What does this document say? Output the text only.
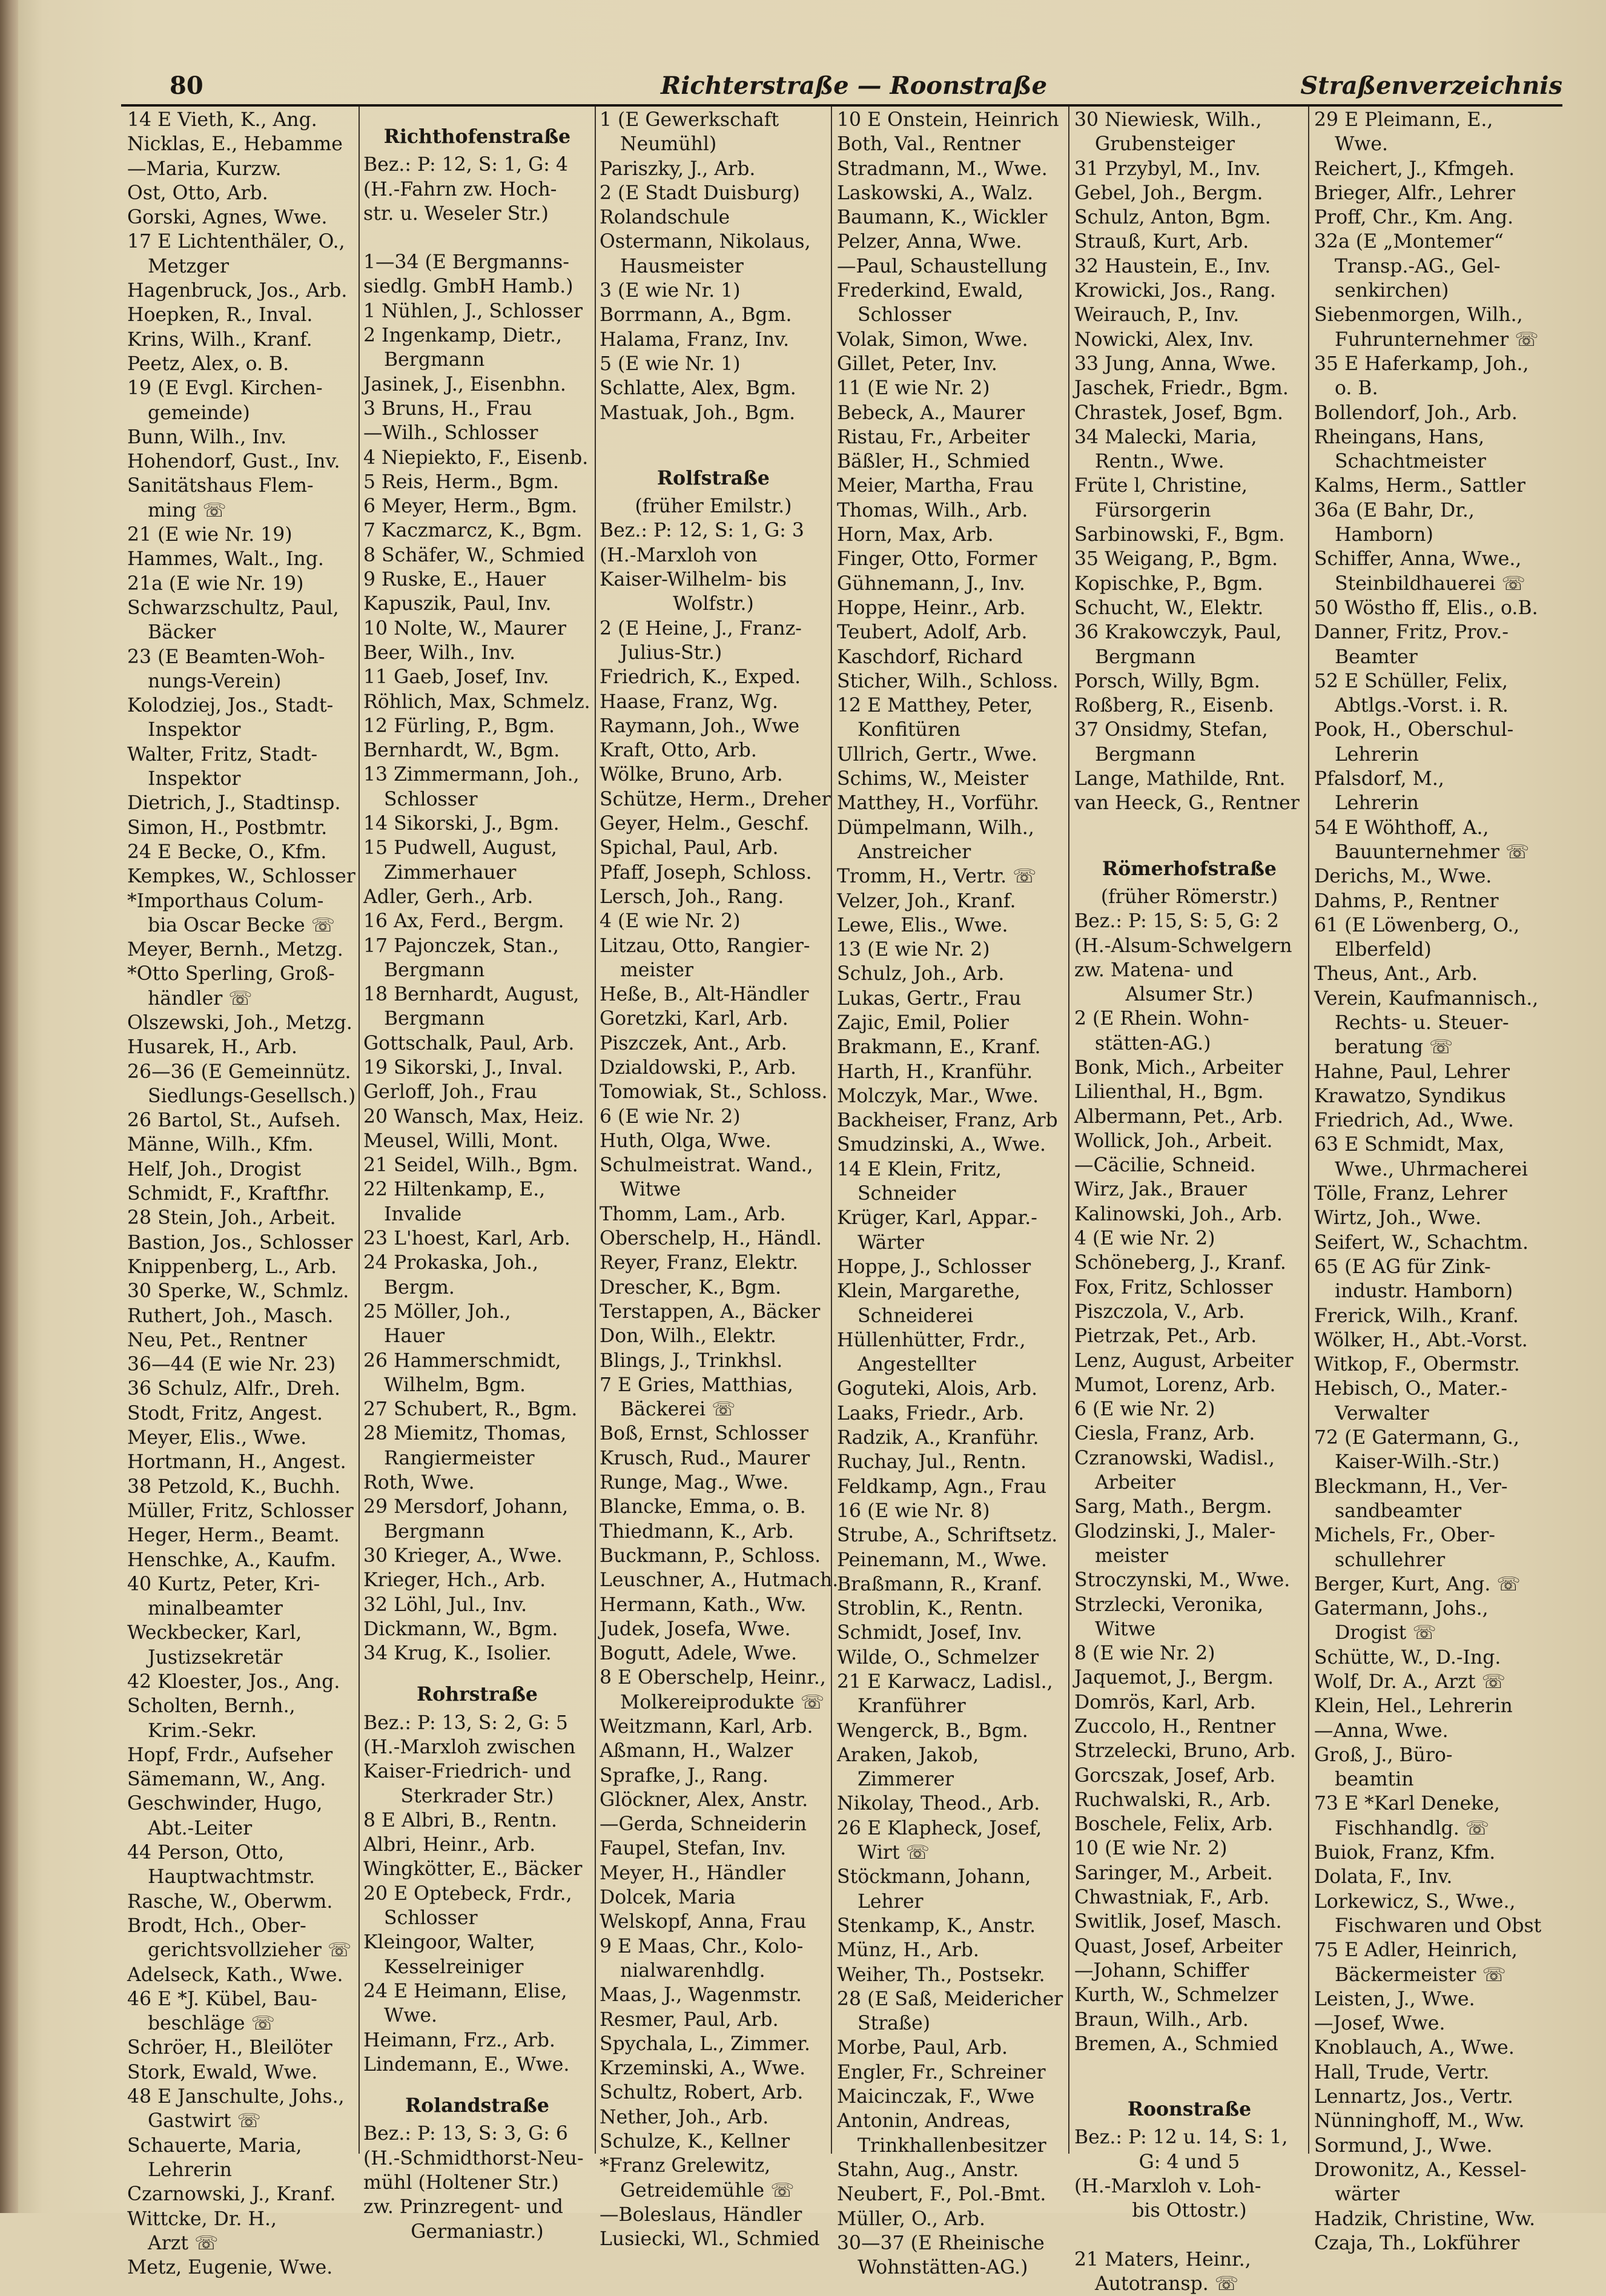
80	Richterstraße — Roonstraße	Straßenverzeichnis
14 E Vieth, K., Ang.
Nicklas, E., Hebamme
—Maria, Kurzw.
Ost, Otto, Arb.
Gorski, Agnes, Wwe.
17 E Lichtenthäler, O.,
Metzger
Hagenbruck, Jos., Arb.
Hoepken, R., Inval.
Krins, Wilh., Kranf.
Peetz, Alex, o. B.
19 (E Evgl. Kirchen-
gemeinde)
Bunn, Wilh., Inv.
Hohendorf, Gust., Inv.
Sanitätshaus Flem-
ming ☏
21 (E wie Nr. 19)
Hammes, Walt., Ing.
21a (E wie Nr. 19)
Schwarzschultz, Paul,
Bäcker
23 (E Beamten-Woh-
nungs-Verein)
Kolodziej, Jos., Stadt-
Inspektor
Walter, Fritz, Stadt-
Inspektor
Dietrich, J., Stadtinsp.
Simon, H., Postbmtr.
24 E Becke, O., Kfm.
Kempkes, W., Schlosser
*Importhaus Colum-
bia Oscar Becke ☏
Meyer, Bernh., Metzg.
*Otto Sperling, Groß-
händler ☏
Olszewski, Joh., Metzg.
Husarek, H., Arb.
26—36 (E Gemeinnütz.
Siedlungs-Gesellsch.)
26 Bartol, St., Aufseh.
Männe, Wilh., Kfm.
Helf, Joh., Drogist
Schmidt, F., Kraftfhr.
28 Stein, Joh., Arbeit.
Bastion, Jos., Schlosser
Knippenberg, L., Arb.
30 Sperke, W., Schmlz.
Ruthert, Joh., Masch.
Neu, Pet., Rentner
36—44 (E wie Nr. 23)
36 Schulz, Alfr., Dreh.
Stodt, Fritz, Angest.
Meyer, Elis., Wwe.
Hortmann, H., Angest.
38 Petzold, K., Buchh.
Müller, Fritz, Schlosser
Heger, Herm., Beamt.
Henschke, A., Kaufm.
40 Kurtz, Peter, Kri-
minalbeamter
Weckbecker, Karl,
Justizsekretär
42 Kloester, Jos., Ang.
Scholten, Bernh.,
Krim.-Sekr.
Hopf, Frdr., Aufseher
Sämemann, W., Ang.
Geschwinder, Hugo,
Abt.-Leiter
44 Person, Otto,
Hauptwachtmstr.
Rasche, W., Oberwm.
Brodt, Hch., Ober-
gerichtsvollzieher ☏
Adelseck, Kath., Wwe.
46 E *J. Kübel, Bau-
beschläge ☏
Schröer, H., Bleilöter
Stork, Ewald, Wwe.
48 E Janschulte, Johs.,
Gastwirt ☏
Schauerte, Maria,
Lehrerin
Czarnowski, J., Kranf.
Wittcke, Dr. H.,
Arzt ☏
Metz, Eugenie, Wwe.
Richthofenstraße
Bez.: P: 12, S: 1, G: 4
(H.-Fahrn zw. Hoch-
str. u. Weseler Str.)
1—34 (E Bergmanns-
siedlg. GmbH Hamb.)
1 Nühlen, J., Schlosser
2 Ingenkamp, Dietr.,
Bergmann
Jasinek, J., Eisenbhn.
3 Bruns, H., Frau
—Wilh., Schlosser
4 Niepiekto, F., Eisenb.
5 Reis, Herm., Bgm.
6 Meyer, Herm., Bgm.
7 Kaczmarcz, K., Bgm.
8 Schäfer, W., Schmied
9 Ruske, E., Hauer
Kapuszik, Paul, Inv.
10 Nolte, W., Maurer
Beer, Wilh., Inv.
11 Gaeb, Josef, Inv.
Röhlich, Max, Schmelz.
12 Fürling, P., Bgm.
Bernhardt, W., Bgm.
13 Zimmermann, Joh.,
Schlosser
14 Sikorski, J., Bgm.
15 Pudwell, August,
Zimmerhauer
Adler, Gerh., Arb.
16 Ax, Ferd., Bergm.
17 Pajonczek, Stan.,
Bergmann
18 Bernhardt, August,
Bergmann
Gottschalk, Paul, Arb.
19 Sikorski, J., Inval.
Gerloff, Joh., Frau
20 Wansch, Max, Heiz.
Meusel, Willi, Mont.
21 Seidel, Wilh., Bgm.
22 Hiltenkamp, E.,
Invalide
23 L'hoest, Karl, Arb.
24 Prokaska, Joh.,
Bergm.
25 Möller, Joh.,
Hauer
26 Hammerschmidt,
Wilhelm, Bgm.
27 Schubert, R., Bgm.
28 Miemitz, Thomas,
Rangiermeister
Roth, Wwe.
29 Mersdorf, Johann,
Bergmann
30 Krieger, A., Wwe.
Krieger, Hch., Arb.
32 Löhl, Jul., Inv.
Dickmann, W., Bgm.
34 Krug, K., Isolier.
Rohrstraße
Bez.: P: 13, S: 2, G: 5
(H.-Marxloh zwischen
Kaiser-Friedrich- und
Sterkrader Str.)
8 E Albri, B., Rentn.
Albri, Heinr., Arb.
Wingkötter, E., Bäcker
20 E Optebeck, Frdr.,
Schlosser
Kleingoor, Walter,
Kesselreiniger
24 E Heimann, Elise,
Wwe.
Heimann, Frz., Arb.
Lindemann, E., Wwe.
Rolandstraße
Bez.: P: 13, S: 3, G: 6
(H.-Schmidthorst-Neu-
mühl (Holtener Str.)
zw. Prinzregent- und
Germaniastr.)
1 (E Gewerkschaft
Neumühl)
Pariszky, J., Arb.
2 (E Stadt Duisburg)
Rolandschule
Ostermann, Nikolaus,
Hausmeister
3 (E wie Nr. 1)
Borrmann, A., Bgm.
Halama, Franz, Inv.
5 (E wie Nr. 1)
Schlatte, Alex, Bgm.
Mastuak, Joh., Bgm.
Rolfstraße
(früher Emilstr.)
Bez.: P: 12, S: 1, G: 3
(H.-Marxloh von
Kaiser-Wilhelm- bis
Wolfstr.)
2 (E Heine, J., Franz-
Julius-Str.)
Friedrich, K., Exped.
Haase, Franz, Wg.
Raymann, Joh., Wwe
Kraft, Otto, Arb.
Wölke, Bruno, Arb.
Schütze, Herm., Dreher
Geyer, Helm., Geschf.
Spichal, Paul, Arb.
Pfaff, Joseph, Schloss.
Lersch, Joh., Rang.
4 (E wie Nr. 2)
Litzau, Otto, Rangier-
meister
Heße, B., Alt-Händler
Goretzki, Karl, Arb.
Piszczek, Ant., Arb.
Dzialdowski, P., Arb.
Tomowiak, St., Schloss.
6 (E wie Nr. 2)
Huth, Olga, Wwe.
Schulmeistrat. Wand.,
Witwe
Thomm, Lam., Arb.
Oberschelp, H., Händl.
Reyer, Franz, Elektr.
Drescher, K., Bgm.
Terstappen, A., Bäcker
Don, Wilh., Elektr.
Blings, J., Trinkhsl.
7 E Gries, Matthias,
Bäckerei ☏
Boß, Ernst, Schlosser
Krusch, Rud., Maurer
Runge, Mag., Wwe.
Blancke, Emma, o. B.
Thiedmann, K., Arb.
Buckmann, P., Schloss.
Leuschner, A., Hutmach.
Hermann, Kath., Ww.
Judek, Josefa, Wwe.
Bogutt, Adele, Wwe.
8 E Oberschelp, Heinr.,
Molkereiprodukte ☏
Weitzmann, Karl, Arb.
Aßmann, H., Walzer
Sprafke, J., Rang.
Glöckner, Alex, Anstr.
—Gerda, Schneiderin
Faupel, Stefan, Inv.
Meyer, H., Händler
Dolcek, Maria
Welskopf, Anna, Frau
9 E Maas, Chr., Kolo-
nialwarenhdlg.
Maas, J., Wagenmstr.
Resmer, Paul, Arb.
Spychala, L., Zimmer.
Krzeminski, A., Wwe.
Schultz, Robert, Arb.
Nether, Joh., Arb.
Schulze, K., Kellner
*Franz Grelewitz,
Getreidemühle ☏
—Boleslaus, Händler
Lusiecki, Wl., Schmied
10 E Onstein, Heinrich
Both, Val., Rentner
Stradmann, M., Wwe.
Laskowski, A., Walz.
Baumann, K., Wickler
Pelzer, Anna, Wwe.
—Paul, Schaustellung
Frederkind, Ewald,
Schlosser
Volak, Simon, Wwe.
Gillet, Peter, Inv.
11 (E wie Nr. 2)
Bebeck, A., Maurer
Ristau, Fr., Arbeiter
Bäßler, H., Schmied
Meier, Martha, Frau
Thomas, Wilh., Arb.
Horn, Max, Arb.
Finger, Otto, Former
Gühnemann, J., Inv.
Hoppe, Heinr., Arb.
Teubert, Adolf, Arb.
Kaschdorf, Richard
Sticher, Wilh., Schloss.
12 E Matthey, Peter,
Konfitüren
Ullrich, Gertr., Wwe.
Schims, W., Meister
Matthey, H., Vorführ.
Dümpelmann, Wilh.,
Anstreicher
Tromm, H., Vertr. ☏
Velzer, Joh., Kranf.
Lewe, Elis., Wwe.
13 (E wie Nr. 2)
Schulz, Joh., Arb.
Lukas, Gertr., Frau
Zajic, Emil, Polier
Brakmann, E., Kranf.
Harth, H., Kranführ.
Molczyk, Mar., Wwe.
Backheiser, Franz, Arb
Smudzinski, A., Wwe.
14 E Klein, Fritz,
Schneider
Krüger, Karl, Appar.-
Wärter
Hoppe, J., Schlosser
Klein, Margarethe,
Schneiderei
Hüllenhütter, Frdr.,
Angestellter
Goguteki, Alois, Arb.
Laaks, Friedr., Arb.
Radzik, A., Kranführ.
Ruchay, Jul., Rentn.
Feldkamp, Agn., Frau
16 (E wie Nr. 8)
Strube, A., Schriftsetz.
Peinemann, M., Wwe.
Braßmann, R., Kranf.
Stroblin, K., Rentn.
Schmidt, Josef, Inv.
Wilde, O., Schmelzer
21 E Karwacz, Ladisl.,
Kranführer
Wengerck, B., Bgm.
Araken, Jakob,
Zimmerer
Nikolay, Theod., Arb.
26 E Klapheck, Josef,
Wirt ☏
Stöckmann, Johann,
Lehrer
Stenkamp, K., Anstr.
Münz, H., Arb.
Weiher, Th., Postsekr.
28 (E Saß, Meidericher
Straße)
Morbe, Paul, Arb.
Engler, Fr., Schreiner
Maicinczak, F., Wwe
Antonin, Andreas,
Trinkhallenbesitzer
Stahn, Aug., Anstr.
Neubert, F., Pol.-Bmt.
Müller, O., Arb.
30—37 (E Rheinische
Wohnstätten-AG.)
30 Niewiesk, Wilh.,
Grubensteiger
31 Przybyl, M., Inv.
Gebel, Joh., Bergm.
Schulz, Anton, Bgm.
Strauß, Kurt, Arb.
32 Haustein, E., Inv.
Krowicki, Jos., Rang.
Weirauch, P., Inv.
Nowicki, Alex, Inv.
33 Jung, Anna, Wwe.
Jaschek, Friedr., Bgm.
Chrastek, Josef, Bgm.
34 Malecki, Maria,
Rentn., Wwe.
Früte l, Christine,
Fürsorgerin
Sarbinowski, F., Bgm.
35 Weigang, P., Bgm.
Kopischke, P., Bgm.
Schucht, W., Elektr.
36 Krakowczyk, Paul,
Bergmann
Porsch, Willy, Bgm.
Roßberg, R., Eisenb.
37 Onsidmy, Stefan,
Bergmann
Lange, Mathilde, Rnt.
van Heeck, G., Rentner
Römerhofstraße
(früher Römerstr.)
Bez.: P: 15, S: 5, G: 2
(H.-Alsum-Schwelgern
zw. Matena- und
Alsumer Str.)
2 (E Rhein. Wohn-
stätten-AG.)
Bonk, Mich., Arbeiter
Lilienthal, H., Bgm.
Albermann, Pet., Arb.
Wollick, Joh., Arbeit.
—Cäcilie, Schneid.
Wirz, Jak., Brauer
Kalinowski, Joh., Arb.
4 (E wie Nr. 2)
Schöneberg, J., Kranf.
Fox, Fritz, Schlosser
Piszczola, V., Arb.
Pietrzak, Pet., Arb.
Lenz, August, Arbeiter
Mumot, Lorenz, Arb.
6 (E wie Nr. 2)
Ciesla, Franz, Arb.
Czranowski, Wadisl.,
Arbeiter
Sarg, Math., Bergm.
Glodzinski, J., Maler-
meister
Stroczynski, M., Wwe.
Strzlecki, Veronika,
Witwe
8 (E wie Nr. 2)
Jaquemot, J., Bergm.
Domrös, Karl, Arb.
Zuccolo, H., Rentner
Strzelecki, Bruno, Arb.
Gorcszak, Josef, Arb.
Ruchwalski, R., Arb.
Boschele, Felix, Arb.
10 (E wie Nr. 2)
Saringer, M., Arbeit.
Chwastniak, F., Arb.
Switlik, Josef, Masch.
Quast, Josef, Arbeiter
—Johann, Schiffer
Kurth, W., Schmelzer
Braun, Wilh., Arb.
Bremen, A., Schmied
Roonstraße
Bez.: P: 12 u. 14, S: 1,
G: 4 und 5
(H.-Marxloh v. Loh-
bis Ottostr.)
21 Maters, Heinr.,
Autotransp. ☏
29 E Pleimann, E.,
Wwe.
Reichert, J., Kfmgeh.
Brieger, Alfr., Lehrer
Proff, Chr., Km. Ang.
32a (E „Montemer“
Transp.-AG., Gel-
senkirchen)
Siebenmorgen, Wilh.,
Fuhrunternehmer ☏
35 E Haferkamp, Joh.,
o. B.
Bollendorf, Joh., Arb.
Rheingans, Hans,
Schachtmeister
Kalms, Herm., Sattler
36a (E Bahr, Dr.,
Hamborn)
Schiffer, Anna, Wwe.,
Steinbildhauerei ☏
50 Wöstho ff, Elis., o.B.
Danner, Fritz, Prov.-
Beamter
52 E Schüller, Felix,
Abtlgs.-Vorst. i. R.
Pook, H., Oberschul-
Lehrerin
Pfalsdorf, M.,
Lehrerin
54 E Wöhthoff, A.,
Bauunternehmer ☏
Derichs, M., Wwe.
Dahms, P., Rentner
61 (E Löwenberg, O.,
Elberfeld)
Theus, Ant., Arb.
Verein, Kaufmannisch.,
Rechts- u. Steuer-
beratung ☏
Hahne, Paul, Lehrer
Krawatzo, Syndikus
Friedrich, Ad., Wwe.
63 E Schmidt, Max,
Wwe., Uhrmacherei
Tölle, Franz, Lehrer
Wirtz, Joh., Wwe.
Seifert, W., Schachtm.
65 (E AG für Zink-
industr. Hamborn)
Frerick, Wilh., Kranf.
Wölker, H., Abt.-Vorst.
Witkop, F., Obermstr.
Hebisch, O., Mater.-
Verwalter
72 (E Gatermann, G.,
Kaiser-Wilh.-Str.)
Bleckmann, H., Ver-
sandbeamter
Michels, Fr., Ober-
schullehrer
Berger, Kurt, Ang. ☏
Gatermann, Johs.,
Drogist ☏
Schütte, W., D.-Ing.
Wolf, Dr. A., Arzt ☏
Klein, Hel., Lehrerin
—Anna, Wwe.
Groß, J., Büro-
beamtin
73 E *Karl Deneke,
Fischhandlg. ☏
Buiok, Franz, Kfm.
Dolata, F., Inv.
Lorkewicz, S., Wwe.,
Fischwaren und Obst
75 E Adler, Heinrich,
Bäckermeister ☏
Leisten, J., Wwe.
—Josef, Wwe.
Knoblauch, A., Wwe.
Hall, Trude, Vertr.
Lennartz, Jos., Vertr.
Nünninghoff, M., Ww.
Sormund, J., Wwe.
Drowonitz, A., Kessel-
wärter
Hadzik, Christine, Ww.
Czaja, Th., Lokführer
